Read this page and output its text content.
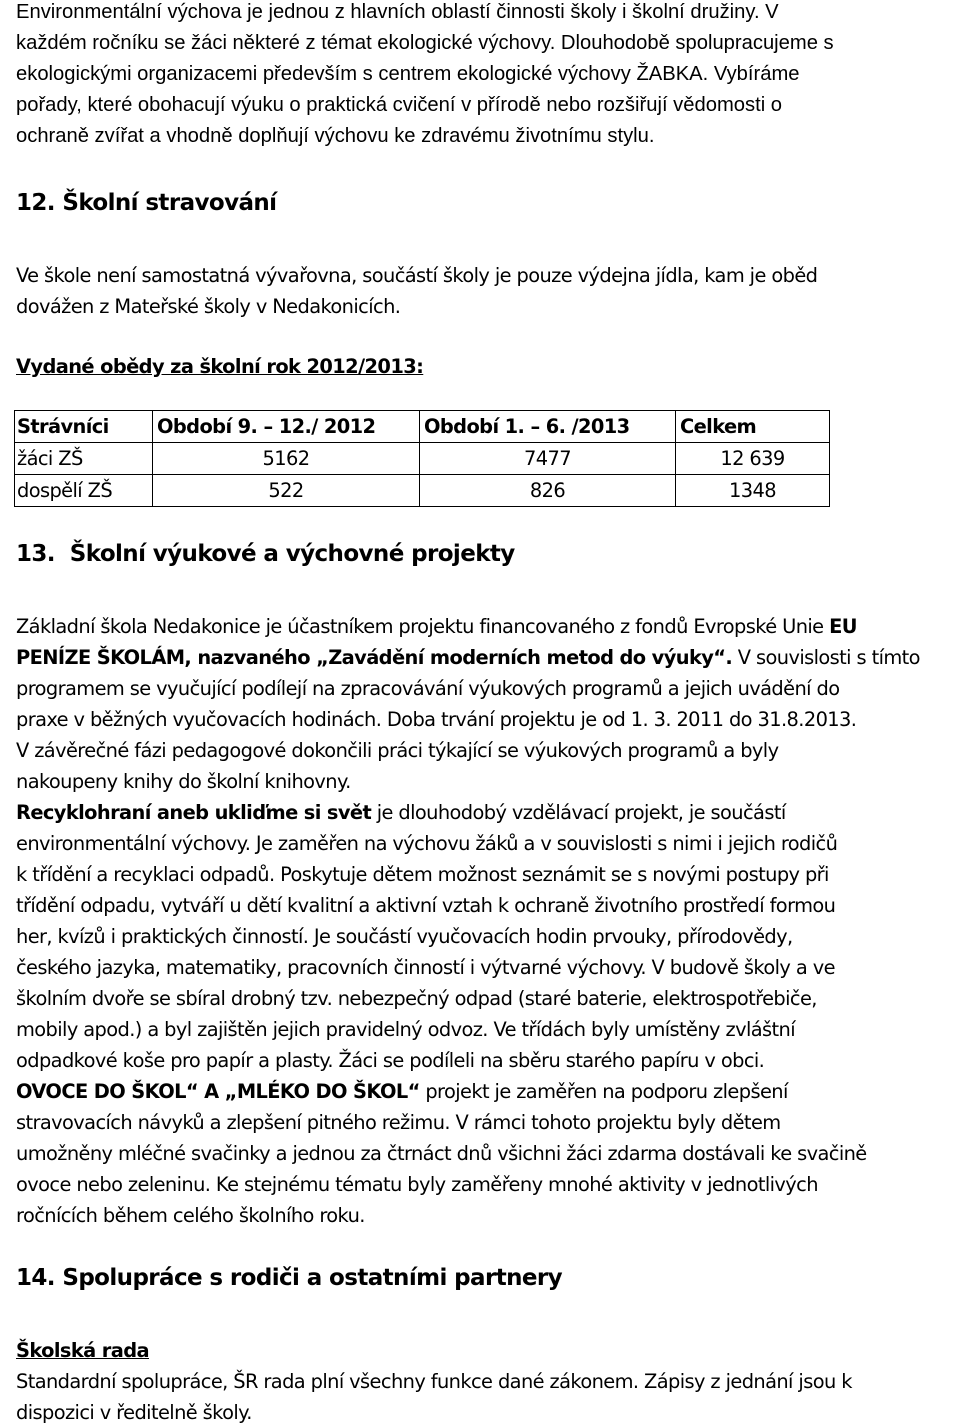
Environmentální výchova je jednou z hlavních oblastí činnosti školy i školní družiny. V
každém ročníku se žáci některé z témat ekologické výchovy. Dlouhodobě spolupracujeme s
ekologickými organizacemi především s centrem ekologické výchovy ŽABKA. Vybíráme
pořady, které obohacují výuku o praktická cvičení v přírodě nebo rozšiřují vědomosti o
ochraně zvířat a vhodně doplňují výchovu ke zdravému životnímu stylu.

12. Školní stravování

Ve škole není samostatná vývařovna, součástí školy je pouze výdejna jídla, kam je oběd
dovážen z Mateřské školy v Nedakonicích.

Vydané obědy za školní rok 2012/2013:
Strávníci	Období 9. – 12./ 2012	Období 1. – 6. /2013	Celkem
žáci ZŠ	5162	7477	12 639
dospělí ZŠ	522	826	1348
13. Školní výukové a výchovné projekty
Základní škola Nedakonice je účastníkem projektu financovaného z fondů Evropské Unie EU
PENÍZE ŠKOLÁM, nazvaného „Zavádění moderních metod do výuky“. V souvislosti s tímto
programem se vyučující podílejí na zpracovávání výukových programů a jejich uvádění do
praxe v běžných vyučovacích hodinách. Doba trvání projektu je od 1. 3. 2011 do 31.8.2013.
V závěrečné fázi pedagogové dokončili práci týkající se výukových programů a byly
nakoupeny knihy do školní knihovny.
Recyklohraní aneb ukliďme si svět je dlouhodobý vzdělávací projekt, je součástí
environmentální výchovy. Je zaměřen na výchovu žáků a v souvislosti s nimi i jejich rodičů
k třídění a recyklaci odpadů. Poskytuje dětem možnost seznámit se s novými postupy při
třídění odpadu, vytváří u dětí kvalitní a aktivní vztah k ochraně životního prostředí formou
her, kvízů i praktických činností. Je součástí vyučovacích hodin prvouky, přírodovědy,
českého jazyka, matematiky, pracovních činností i výtvarné výchovy. V budově školy a ve
školním dvoře se sbíral drobný tzv. nebezpečný odpad (staré baterie, elektrospotřebiče,
mobily apod.) a byl zajištěn jejich pravidelný odvoz. Ve třídách byly umístěny zvláštní
odpadkové koše pro papír a plasty. Žáci se podíleli na sběru starého papíru v obci.
OVOCE DO ŠKOL“ A „MLÉKO DO ŠKOL“ projekt je zaměřen na podporu zlepšení
stravovacích návyků a zlepšení pitného režimu. V rámci tohoto projektu byly dětem
umožněny mléčné svačinky a jednou za čtrnáct dnů všichni žáci zdarma dostávali ke svačině
ovoce nebo zeleninu. Ke stejnému tématu byly zaměřeny mnohé aktivity v jednotlivých
ročnících během celého školního roku.
14. Spolupráce s rodiči a ostatními partnery
Školská rada

Standardní spolupráce, ŠR rada plní všechny funkce dané zákonem. Zápisy z jednání jsou k
dispozici v ředitelně školy.
